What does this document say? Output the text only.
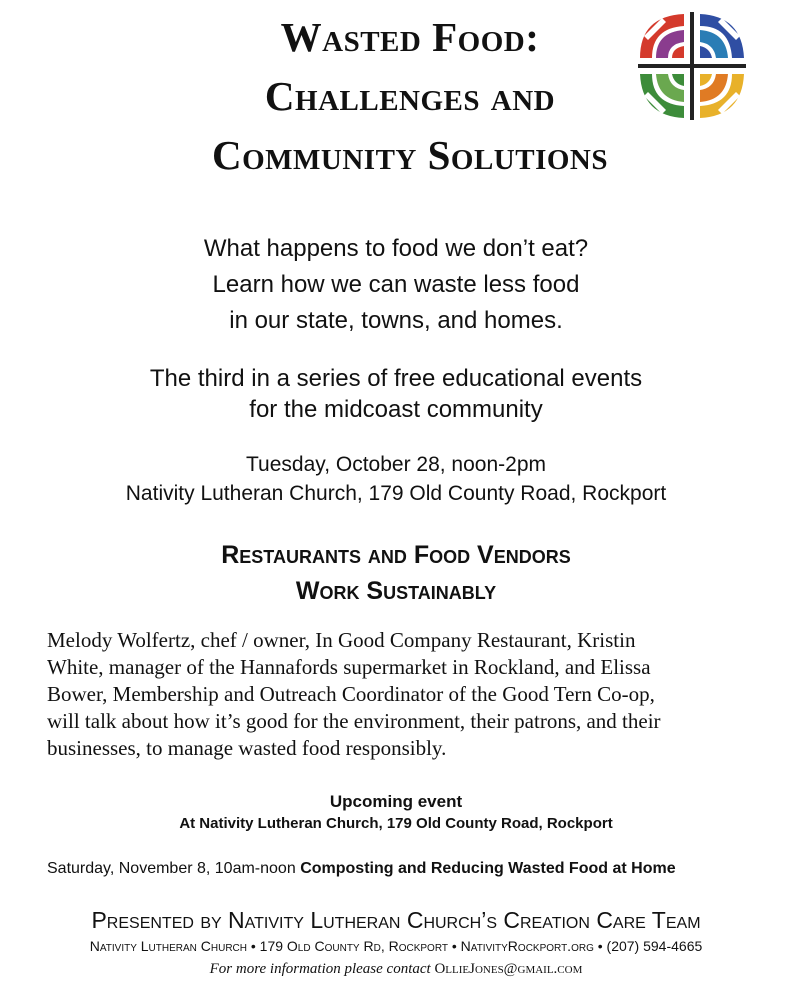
Wasted Food:
Challenges and
Community Solutions
What happens to food we don’t eat?
Learn how we can waste less food
in our state, towns, and homes.
The third in a series of free educational events
for the midcoast community
Tuesday, October 28, noon-2pm
Nativity Lutheran Church, 179 Old County Road, Rockport
Restaurants and Food Vendors
Work Sustainably
Melody Wolfertz, chef / owner, In Good Company Restaurant, Kristin
White, manager of the Hannafords supermarket in Rockland, and Elissa
Bower, Membership and Outreach Coordinator of the Good Tern Co-op,
will talk about how it’s good for the environment, their patrons, and their
businesses, to manage wasted food responsibly.
Upcoming event
At Nativity Lutheran Church, 179 Old County Road, Rockport
Saturday, November 8, 10am-noon Composting and Reducing Wasted Food at Home
Presented by Nativity Lutheran Church’s Creation Care Team
Nativity Lutheran Church • 179 Old County Rd, Rockport • NativityRockport.org • (207) 594-4665
For more information please contact OllieJones@gmail.com
